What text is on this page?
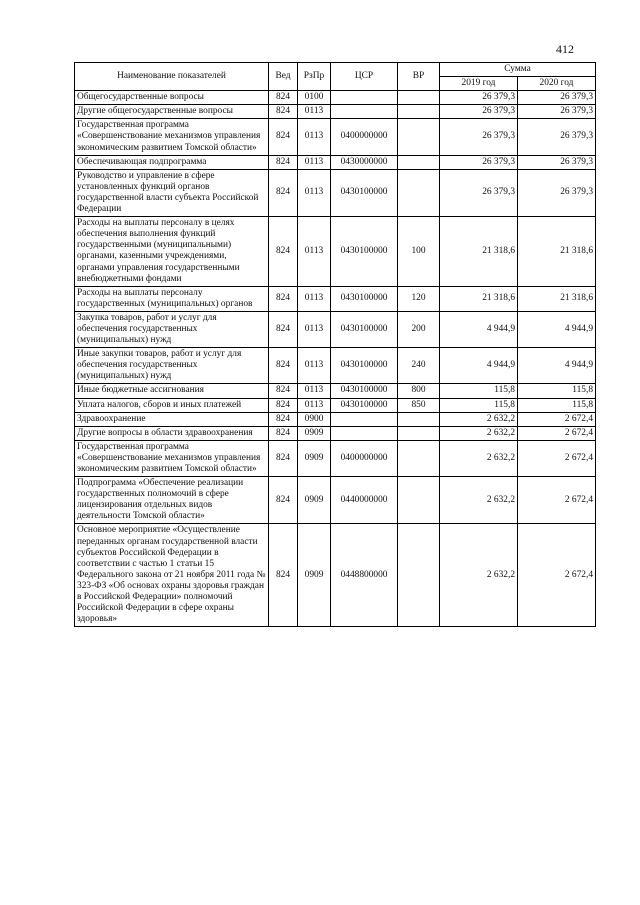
412
Наименование показателей	Вед	РзПр	ЦСР	ВР	Сумма	
					2019 год	2020 год
Общегосударственные вопросы	824	0100			26 379,3	26 379,3
Другие общегосударственные вопросы	824	0113			26 379,3	26 379,3
Государственная программа «Совершенствование механизмов управления экономическим развитием Томской области»	824	0113	0400000000		26 379,3	26 379,3
Обеспечивающая подпрограмма	824	0113	0430000000		26 379,3	26 379,3
Руководство и управление в сфере установленных функций органов государственной власти субъекта Российской Федерации	824	0113	0430100000		26 379,3	26 379,3
Расходы на выплаты персоналу в целях обеспечения выполнения функций государственными (муниципальными) органами, казенными учреждениями, органами управления государственными внебюджетными фондами	824	0113	0430100000	100	21 318,6	21 318,6
Расходы на выплаты персоналу государственных (муниципальных) органов	824	0113	0430100000	120	21 318,6	21 318,6
Закупка товаров, работ и услуг для обеспечения государственных (муниципальных) нужд	824	0113	0430100000	200	4 944,9	4 944,9
Иные закупки товаров, работ и услуг для обеспечения государственных (муниципальных) нужд	824	0113	0430100000	240	4 944,9	4 944,9
Иные бюджетные ассигнования	824	0113	0430100000	800	115,8	115,8
Уплата налогов, сборов и иных платежей	824	0113	0430100000	850	115,8	115,8
Здравоохранение	824	0900			2 632,2	2 672,4
Другие вопросы в области здравоохранения	824	0909			2 632,2	2 672,4
Государственная программа «Совершенствование механизмов управления экономическим развитием Томской области»	824	0909	0400000000		2 632,2	2 672,4
Подпрограмма «Обеспечение реализации государственных полномочий в сфере лицензирования отдельных видов деятельности Томской области»	824	0909	0440000000		2 632,2	2 672,4
Основное мероприятие «Осуществление переданных органам государственной власти субъектов Российской Федерации в соответствии с частью 1 статьи 15 Федерального закона от 21 ноября 2011 года № 323-ФЗ «Об основах охраны здоровья граждан в Российской Федерации» полномочий Российской Федерации в сфере охраны здоровья»	824	0909	0448800000		2 632,2	2 672,4
